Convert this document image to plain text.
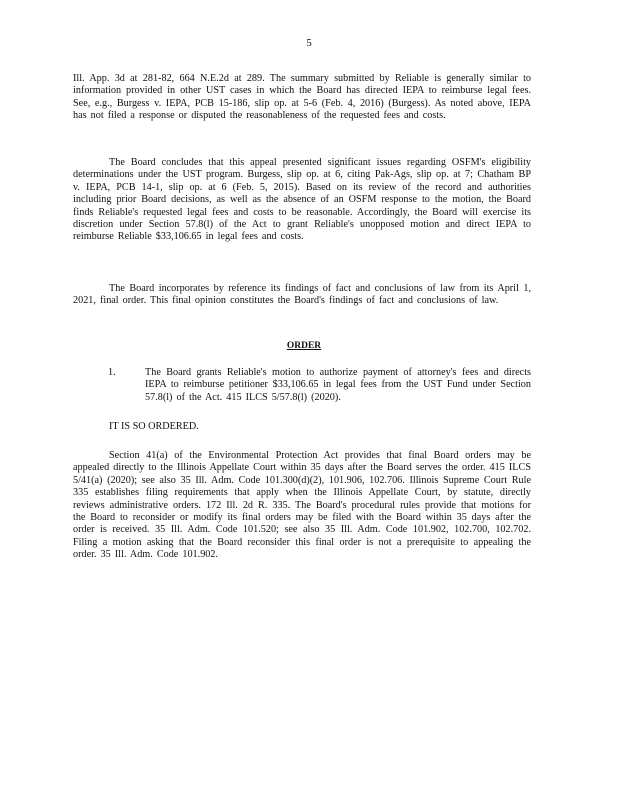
5
Ill. App. 3d at 281-82, 664 N.E.2d at 289. The summary submitted by Reliable is generally similar to information provided in other UST cases in which the Board has directed IEPA to reimburse legal fees. See, e.g., Burgess v. IEPA, PCB 15-186, slip op. at 5-6 (Feb. 4, 2016) (Burgess). As noted above, IEPA has not filed a response or disputed the reasonableness of the requested fees and costs.
The Board concludes that this appeal presented significant issues regarding OSFM's eligibility determinations under the UST program. Burgess, slip op. at 6, citing Pak-Ags, slip op. at 7; Chatham BP v. IEPA, PCB 14-1, slip op. at 6 (Feb. 5, 2015). Based on its review of the record and authorities including prior Board decisions, as well as the absence of an OSFM response to the motion, the Board finds Reliable's requested legal fees and costs to be reasonable. Accordingly, the Board will exercise its discretion under Section 57.8(l) of the Act to grant Reliable's unopposed motion and direct IEPA to reimburse Reliable $33,106.65 in legal fees and costs.
The Board incorporates by reference its findings of fact and conclusions of law from its April 1, 2021, final order. This final opinion constitutes the Board's findings of fact and conclusions of law.
ORDER
1.	The Board grants Reliable's motion to authorize payment of attorney's fees and directs IEPA to reimburse petitioner $33,106.65 in legal fees from the UST Fund under Section 57.8(l) of the Act. 415 ILCS 5/57.8(l) (2020).
IT IS SO ORDERED.
Section 41(a) of the Environmental Protection Act provides that final Board orders may be appealed directly to the Illinois Appellate Court within 35 days after the Board serves the order. 415 ILCS 5/41(a) (2020); see also 35 Ill. Adm. Code 101.300(d)(2), 101.906, 102.706. Illinois Supreme Court Rule 335 establishes filing requirements that apply when the Illinois Appellate Court, by statute, directly reviews administrative orders. 172 Ill. 2d R. 335. The Board's procedural rules provide that motions for the Board to reconsider or modify its final orders may be filed with the Board within 35 days after the order is received. 35 Ill. Adm. Code 101.520; see also 35 Ill. Adm. Code 101.902, 102.700, 102.702. Filing a motion asking that the Board reconsider this final order is not a prerequisite to appealing the order. 35 Ill. Adm. Code 101.902.
